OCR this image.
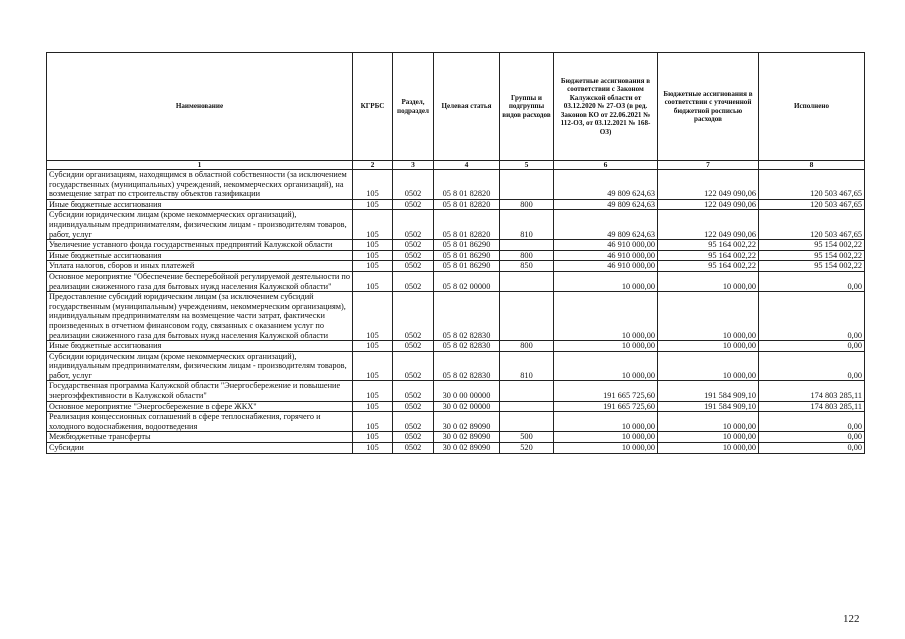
Наименование	КГРБС	Раздел, подраздел	Целевая статья	Группы и подгруппы видов расходов	Бюджетные ассигнования в соответствии с Законом Калужской области от 03.12.2020 № 27-ОЗ (в ред. Законов КО от 22.06.2021 № 112-ОЗ, от 03.12.2021 № 168-ОЗ)	Бюджетные ассигнования в соответствии с уточненной бюджетной росписью расходов	Исполнено
1	2	3	4	5	6	7	8
Субсидии организациям, находящимся в областной собственности (за исключением государственных (муниципальных) учреждений, некоммерческих организаций), на возмещение затрат по строительству объектов газификации	105	0502	05 8 01 82820		49 809 624,63	122 049 090,06	120 503 467,65
Иные бюджетные ассигнования	105	0502	05 8 01 82820	800	49 809 624,63	122 049 090,06	120 503 467,65
Субсидии юридическим лицам (кроме некоммерческих организаций), индивидуальным предпринимателям, физическим лицам - производителям товаров, работ, услуг	105	0502	05 8 01 82820	810	49 809 624,63	122 049 090,06	120 503 467,65
Увеличение уставного фонда государственных предприятий Калужской области	105	0502	05 8 01 86290		46 910 000,00	95 164 002,22	95 154 002,22
Иные бюджетные ассигнования	105	0502	05 8 01 86290	800	46 910 000,00	95 164 002,22	95 154 002,22
Уплата налогов, сборов и иных платежей	105	0502	05 8 01 86290	850	46 910 000,00	95 164 002,22	95 154 002,22
Основное мероприятие "Обеспечение бесперебойной регулируемой деятельности по реализации сжиженного газа для бытовых нужд населения Калужской области"	105	0502	05 8 02 00000		10 000,00	10 000,00	0,00
Предоставление субсидий юридическим лицам (за исключением субсидий государственным (муниципальным) учреждениям, некоммерческим организациям), индивидуальным предпринимателям на возмещение части затрат, фактически произведенных в отчетном финансовом году, связанных с оказанием услуг по реализации сжиженного газа для бытовых нужд населения Калужской области	105	0502	05 8 02 82830		10 000,00	10 000,00	0,00
Иные бюджетные ассигнования	105	0502	05 8 02 82830	800	10 000,00	10 000,00	0,00
Субсидии юридическим лицам (кроме некоммерческих организаций), индивидуальным предпринимателям, физическим лицам - производителям товаров, работ, услуг	105	0502	05 8 02 82830	810	10 000,00	10 000,00	0,00
Государственная программа Калужской области "Энергосбережение и повышение энергоэффективности в Калужской области"	105	0502	30 0 00 00000		191 665 725,60	191 584 909,10	174 803 285,11
Основное мероприятие "Энергосбережение в сфере ЖКХ"	105	0502	30 0 02 00000		191 665 725,60	191 584 909,10	174 803 285,11
Реализация концессионных соглашений в сфере теплоснабжения, горячего и холодного водоснабжения, водоотведения	105	0502	30 0 02 89090		10 000,00	10 000,00	0,00
Межбюджетные трансферты	105	0502	30 0 02 89090	500	10 000,00	10 000,00	0,00
Субсидии	105	0502	30 0 02 89090	520	10 000,00	10 000,00	0,00
122
